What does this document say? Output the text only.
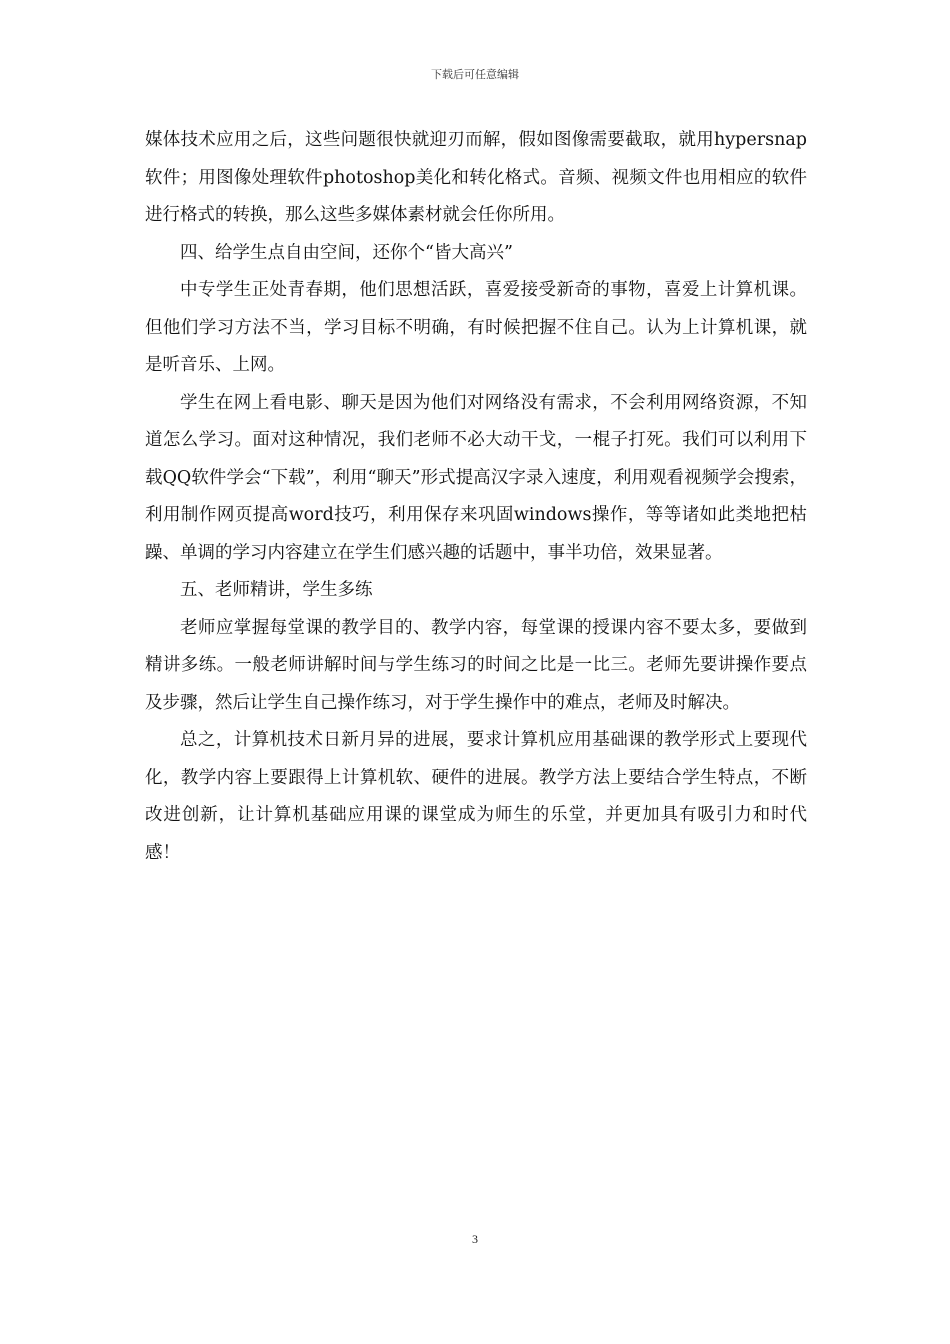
下载后可任意编辑

媒体技术应用之后，这些问题很快就迎刃而解，假如图像需要截取，就用hypersnap软件；用图像处理软件photoshop美化和转化格式。音频、视频文件也用相应的软件进行格式的转换，那么这些多媒体素材就会任你所用。

四、给学生点自由空间，还你个“皆大高兴”

中专学生正处青春期，他们思想活跃，喜爱接受新奇的事物，喜爱上计算机课。但他们学习方法不当，学习目标不明确，有时候把握不住自己。认为上计算机课，就是听音乐、上网。

学生在网上看电影、聊天是因为他们对网络没有需求，不会利用网络资源，不知道怎么学习。面对这种情况，我们老师不必大动干戈，一棍子打死。我们可以利用下载QQ软件学会“下载”，利用“聊天”形式提高汉字录入速度，利用观看视频学会搜索，利用制作网页提高word技巧，利用保存来巩固windows操作，等等诸如此类地把枯躁、单调的学习内容建立在学生们感兴趣的话题中，事半功倍，效果显著。

五、老师精讲，学生多练

老师应掌握每堂课的教学目的、教学内容，每堂课的授课内容不要太多，要做到精讲多练。一般老师讲解时间与学生练习的时间之比是一比三。老师先要讲操作要点及步骤，然后让学生自己操作练习，对于学生操作中的难点，老师及时解决。

总之，计算机技术日新月异的进展，要求计算机应用基础课的教学形式上要现代化，教学内容上要跟得上计算机软、硬件的进展。教学方法上要结合学生特点，不断改进创新，让计算机基础应用课的课堂成为师生的乐堂，并更加具有吸引力和时代感！

3
